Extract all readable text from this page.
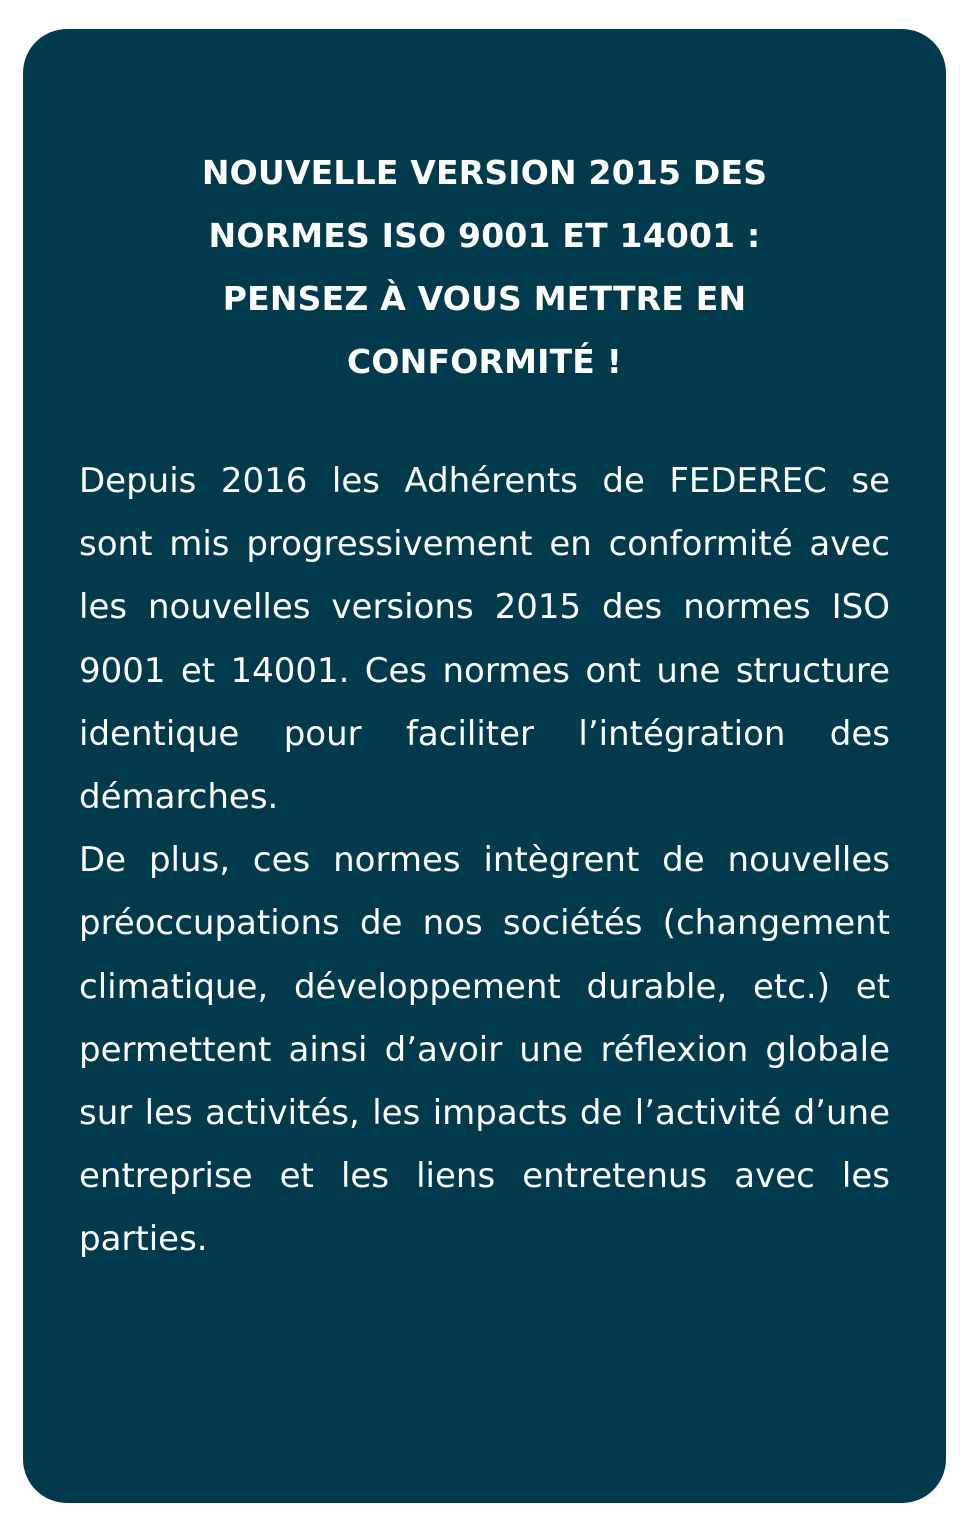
NOUVELLE VERSION 2015 DES
NORMES ISO 9001 ET 14001 :
PENSEZ À VOUS METTRE EN
CONFORMITÉ !

Depuis 2016 les Adhérents de FEDEREC se sont mis progressivement en conformité avec les nouvelles versions 2015 des normes ISO 9001 et 14001. Ces normes ont une structure identique pour faciliter l’intégration des démarches.

De plus, ces normes intègrent de nouvelles préoccupations de nos sociétés (changement climatique, développement durable, etc.) et permettent ainsi d’avoir une réflexion globale sur les activités, les impacts de l’activité d’une entreprise et les liens entretenus avec les parties.
